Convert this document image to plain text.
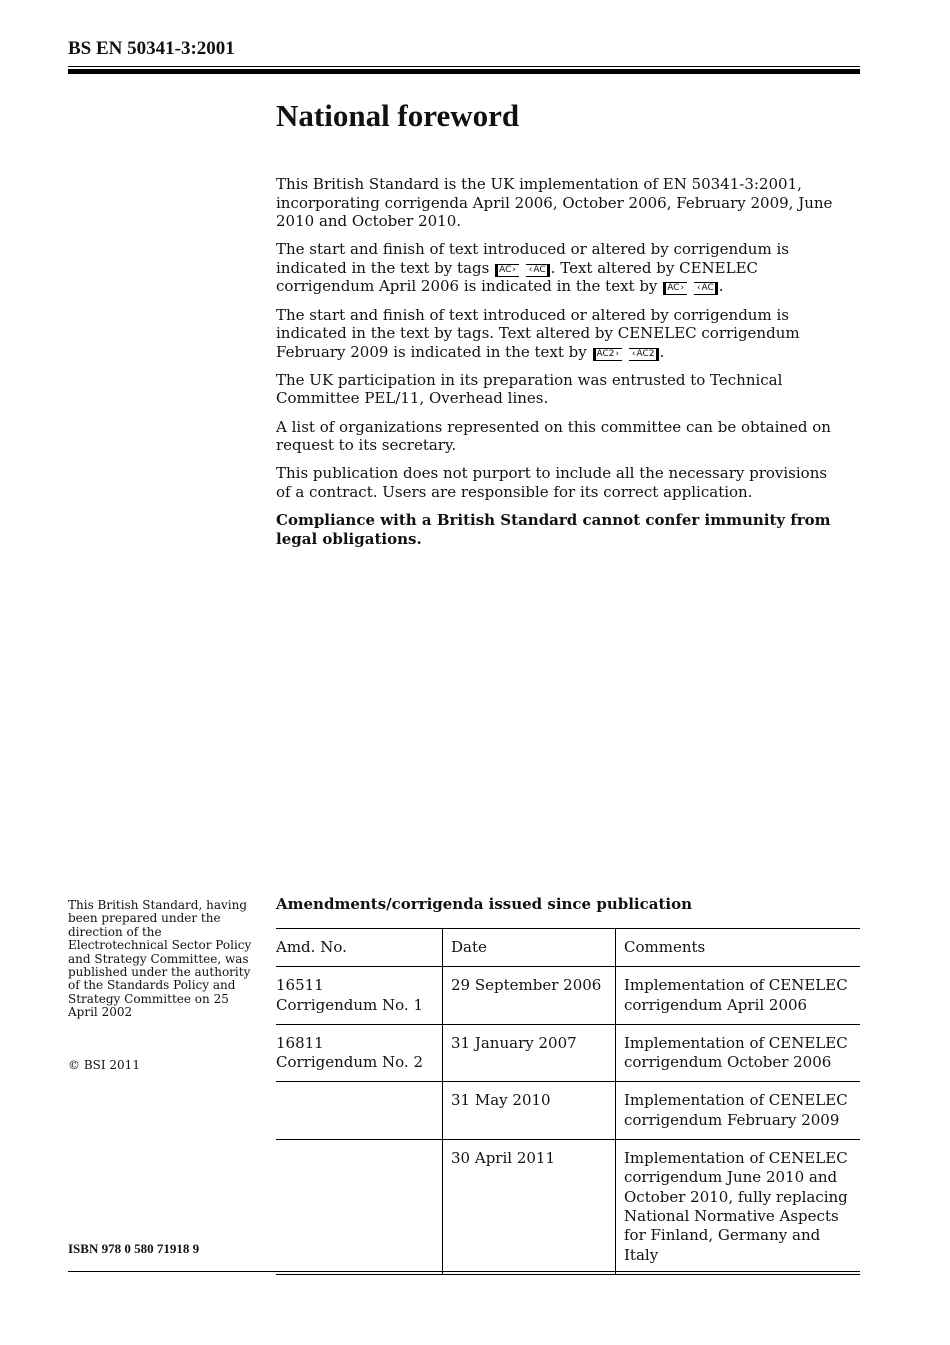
BS EN 50341-3:2001
National foreword

This British Standard is the UK implementation of EN 50341-3:2001, incorporating corrigenda April 2006, October 2006, February 2009, June 2010 and October 2010.

The start and finish of text introduced or altered by corrigendum is indicated in the text by tags AC › ‹ AC . Text altered by CENELEC corrigendum April 2006 is indicated in the text by AC › ‹ AC .

The start and finish of text introduced or altered by corrigendum is indicated in the text by tags. Text altered by CENELEC corrigendum February 2009 is indicated in the text by AC2 › ‹ AC2 .

The UK participation in its preparation was entrusted to Technical Committee PEL/11, Overhead lines.

A list of organizations represented on this committee can be obtained on request to its secretary.

This publication does not purport to include all the necessary provisions of a contract. Users are responsible for its correct application.

Compliance with a British Standard cannot confer immunity from legal obligations.

This British Standard, having been prepared under the direction of the Electrotechnical Sector Policy and Strategy Committee, was published under the authority of the Standards Policy and Strategy Committee on 25 April 2002
© BSI 2011
ISBN 978 0 580 71918 9
Amendments/corrigenda issued since publication
Amd. No.	Date	Comments

16511
Corrigendum No. 1	29 September 2006	Implementation of CENELEC corrigendum April 2006

16811
Corrigendum No. 2	31 January 2007	Implementation of CENELEC corrigendum October 2006

	31 May 2010	Implementation of CENELEC corrigendum February 2009

	30 April 2011	Implementation of CENELEC corrigendum June 2010 and October 2010, fully replacing National Normative Aspects for Finland, Germany and Italy
